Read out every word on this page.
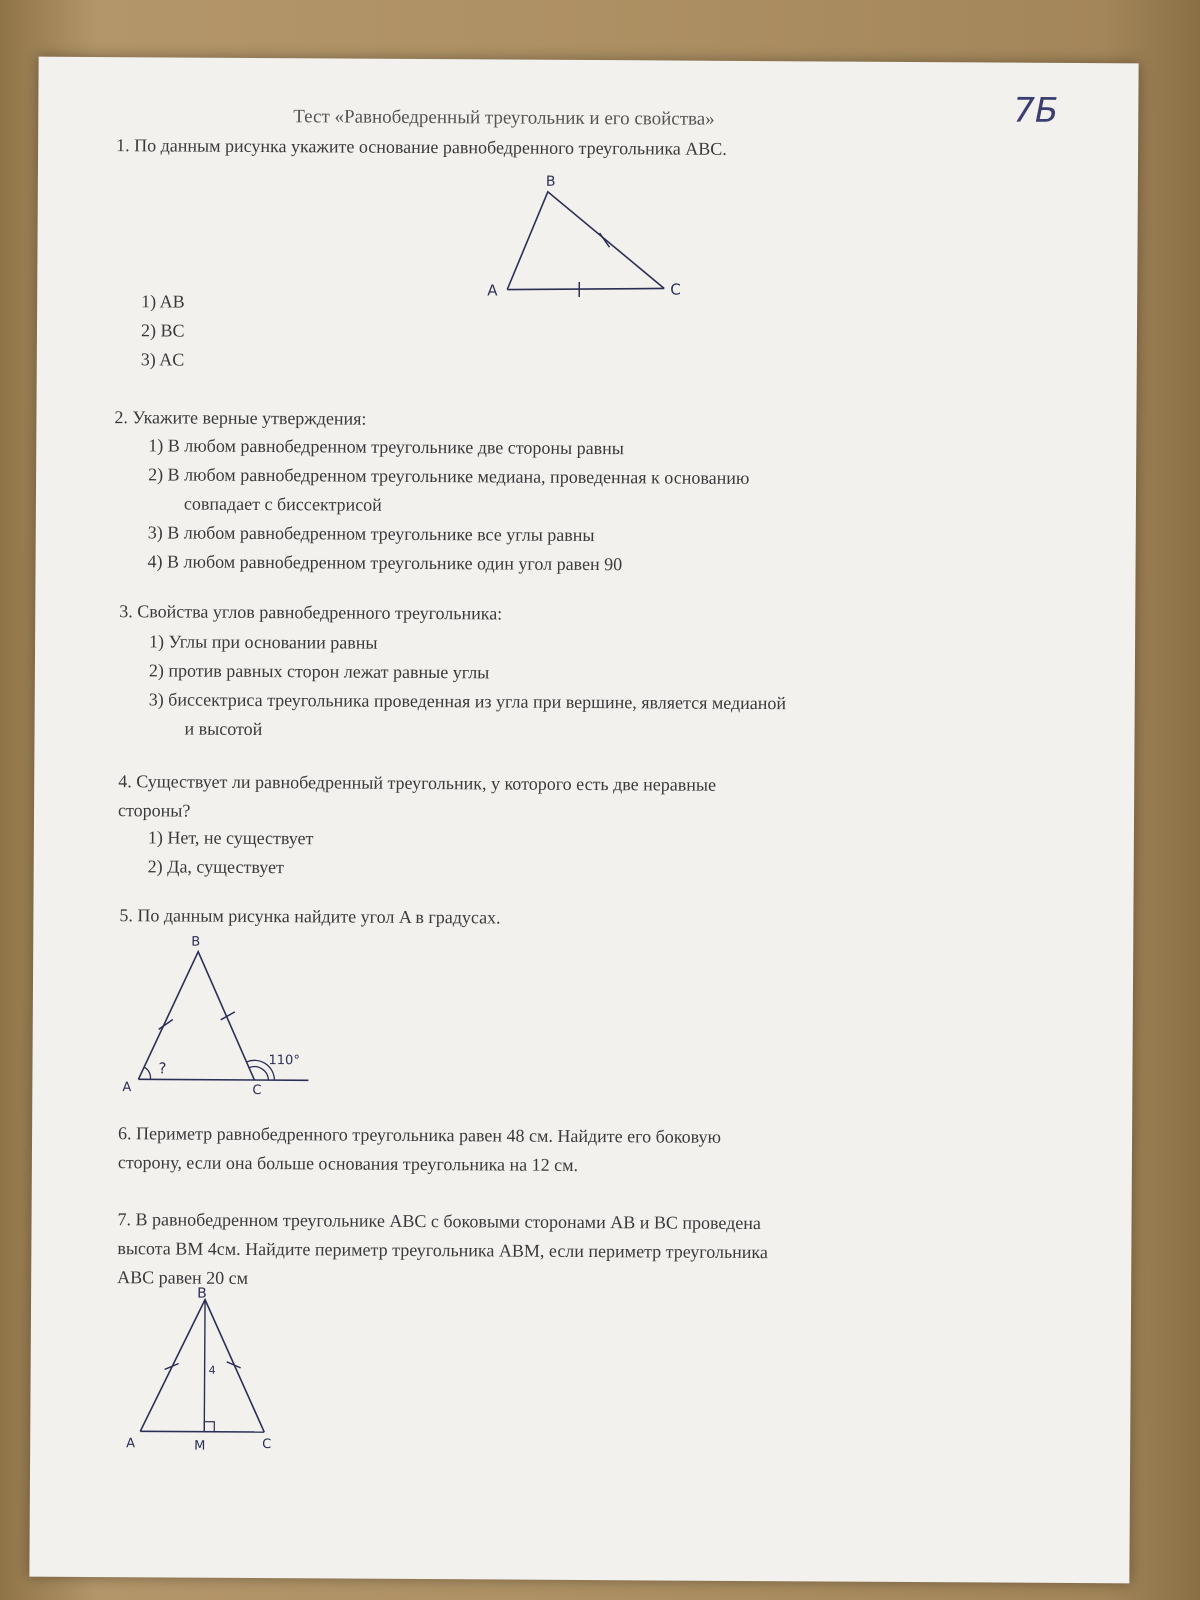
7Б
Тест «Равнобедренный треугольник и его свойства»
1. По данным рисунка укажите основание равнобедренного треугольника ABC.
B
A	C
1) AB
2) BC
3) AC
2. Укажите верные утверждения:
1) В любом равнобедренном треугольнике две стороны равны
2) В любом равнобедренном треугольнике медиана, проведенная к основанию
совпадает с биссектрисой
3) В любом равнобедренном треугольнике все углы равны
4) В любом равнобедренном треугольнике один угол равен 90
3. Свойства углов равнобедренного треугольника:
1) Углы при основании равны
2) против равных сторон лежат равные углы
3) биссектриса треугольника проведенная из угла при вершине, является медианой
и высотой
4. Существует ли равнобедренный треугольник, у которого есть две неравные
стороны?
1) Нет, не существует
2) Да, существует
5. По данным рисунка найдите угол A в градусах.
B
A	C
?	110°
6. Периметр равнобедренного треугольника равен 48 см. Найдите его боковую
сторону, если она больше основания треугольника на 12 см.
7. В равнобедренном треугольнике ABC с боковыми сторонами AB и BC проведена
высота BM 4см. Найдите периметр треугольника ABM, если периметр треугольника
ABC равен 20 см
B
A	M	C
4
